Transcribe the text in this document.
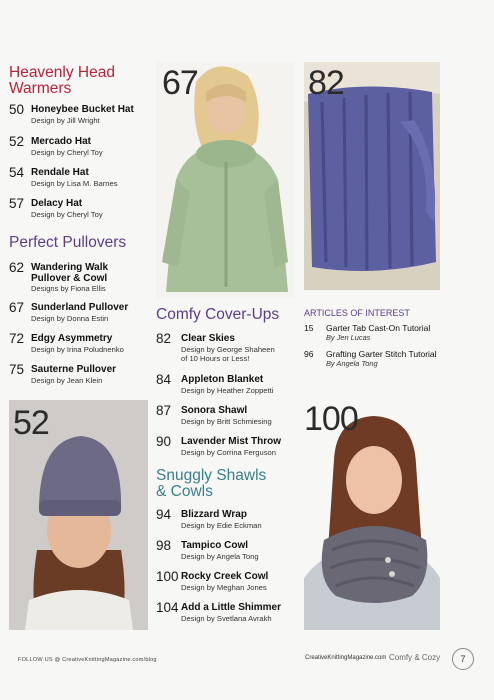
Heavenly Head
Warmers
Perfect Pullovers
Comfy Cover-Ups
Snuggly Shawls
& Cowls
50 Honeybee Bucket Hat
Design by Jill Wright
52 Mercado Hat
Design by Cheryl Toy
54 Rendale Hat
Design by Lisa M. Barnes
57 Delacy Hat
Design by Cheryl Toy
62 Wandering Walk
Pullover & Cowl
Designs by Fiona Ellis
67 Sunderland Pullover
Design by Donna Estin
72 Edgy Asymmetry
Design by Irina Poludnenko
75 Sauterne Pullover
Design by Jean Klein
82 Clear Skies
Design by George Shaheen
of 10 Hours or Less!
84 Appleton Blanket
Design by Heather Zoppetti
87 Sonora Shawl
Design by Britt Schmiesing
90 Lavender Mist Throw
Design by Corrina Ferguson
94 Blizzard Wrap
Design by Edie Eckman
98 Tampico Cowl
Design by Angela Tong
100 Rocky Creek Cowl
Design by Meghan Jones
104 Add a Little Shimmer
Design by Svetlana Avrakh
67	82
ARTICLES OF INTEREST
15 Garter Tab Cast-On Tutorial
By Jen Lucas
96 Grafting Garter Stitch Tutorial
By Angela Tong
52	100
FOLLOW US @ CreativeKnittingMagazine.com/blog	CreativeKnittingMagazine.com Comfy & Cozy	7
